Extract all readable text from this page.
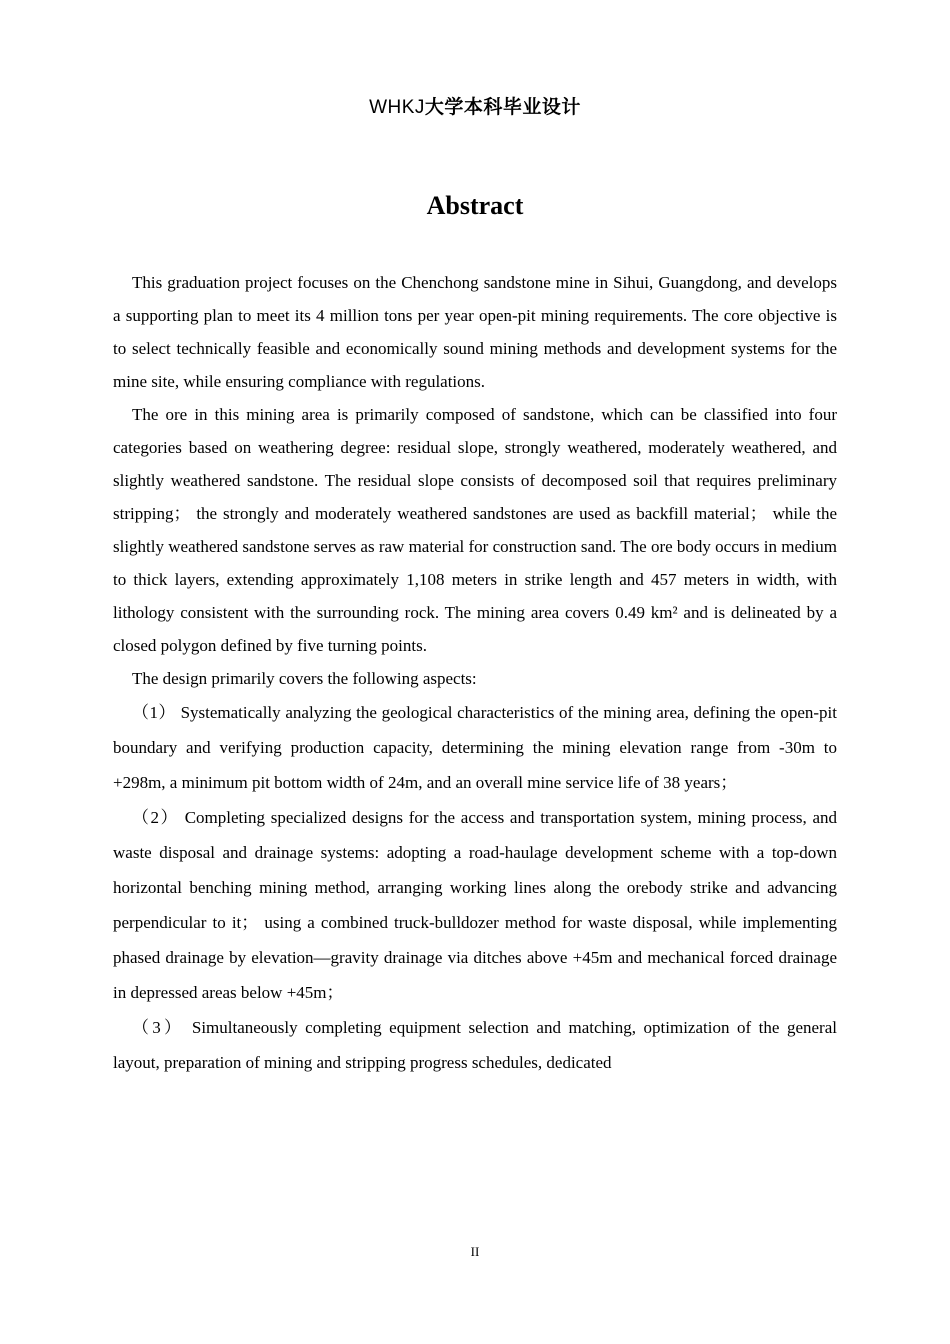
WHKJ大学本科毕业设计
Abstract

This graduation project focuses on the Chenchong sandstone mine in Sihui, Guangdong, and develops a supporting plan to meet its 4 million tons per year open-pit mining requirements. The core objective is to select technically feasible and economically sound mining methods and development systems for the mine site, while ensuring compliance with regulations.

The ore in this mining area is primarily composed of sandstone, which can be classified into four categories based on weathering degree: residual slope, strongly weathered, moderately weathered, and slightly weathered sandstone. The residual slope consists of decomposed soil that requires preliminary stripping； the strongly and moderately weathered sandstones are used as backfill material； while the slightly weathered sandstone serves as raw material for construction sand. The ore body occurs in medium to thick layers, extending approximately 1,108 meters in strike length and 457 meters in width, with lithology consistent with the surrounding rock. The mining area covers 0.49 km² and is delineated by a closed polygon defined by five turning points.

The design primarily covers the following aspects:

（1） Systematically analyzing the geological characteristics of the mining area, defining the open-pit boundary and verifying production capacity, determining the mining elevation range from -30m to +298m, a minimum pit bottom width of 24m, and an overall mine service life of 38 years；

（2） Completing specialized designs for the access and transportation system, mining process, and waste disposal and drainage systems: adopting a road-haulage development scheme with a top-down horizontal benching mining method, arranging working lines along the orebody strike and advancing perpendicular to it； using a combined truck-bulldozer method for waste disposal, while implementing phased drainage by elevation—gravity drainage via ditches above +45m and mechanical forced drainage in depressed areas below +45m；

（3） Simultaneously completing equipment selection and matching, optimization of the general layout, preparation of mining and stripping progress schedules, dedicated

II
